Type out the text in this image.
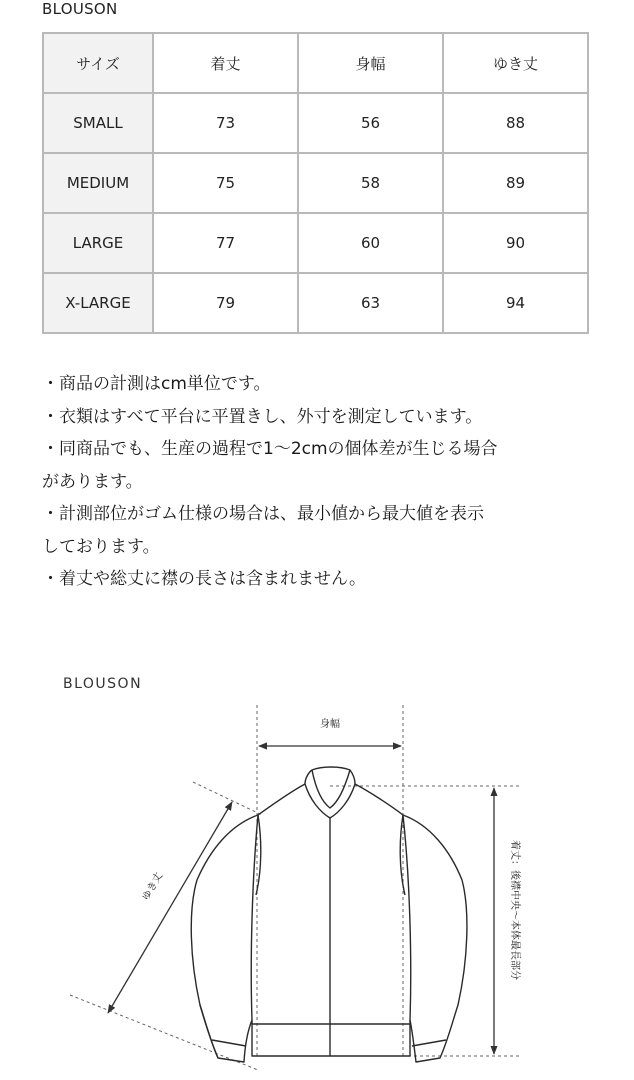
BLOUSON
サイズ	着丈	身幅	ゆき丈
SMALL	73	56	88
MEDIUM	75	58	89
LARGE	77	60	90
X-LARGE	79	63	94
・商品の計測はcm単位です。
・衣類はすべて平台に平置きし、外寸を測定しています。
・同商品でも、生産の過程で1〜2cmの個体差が生じる場合
があります。
・計測部位がゴム仕様の場合は、最小値から最大値を表示
しております。
・着丈や総丈に襟の長さは含まれません。
BLOUSON
身幅
ゆき丈	着丈：後襟中央〜本体最長部分
